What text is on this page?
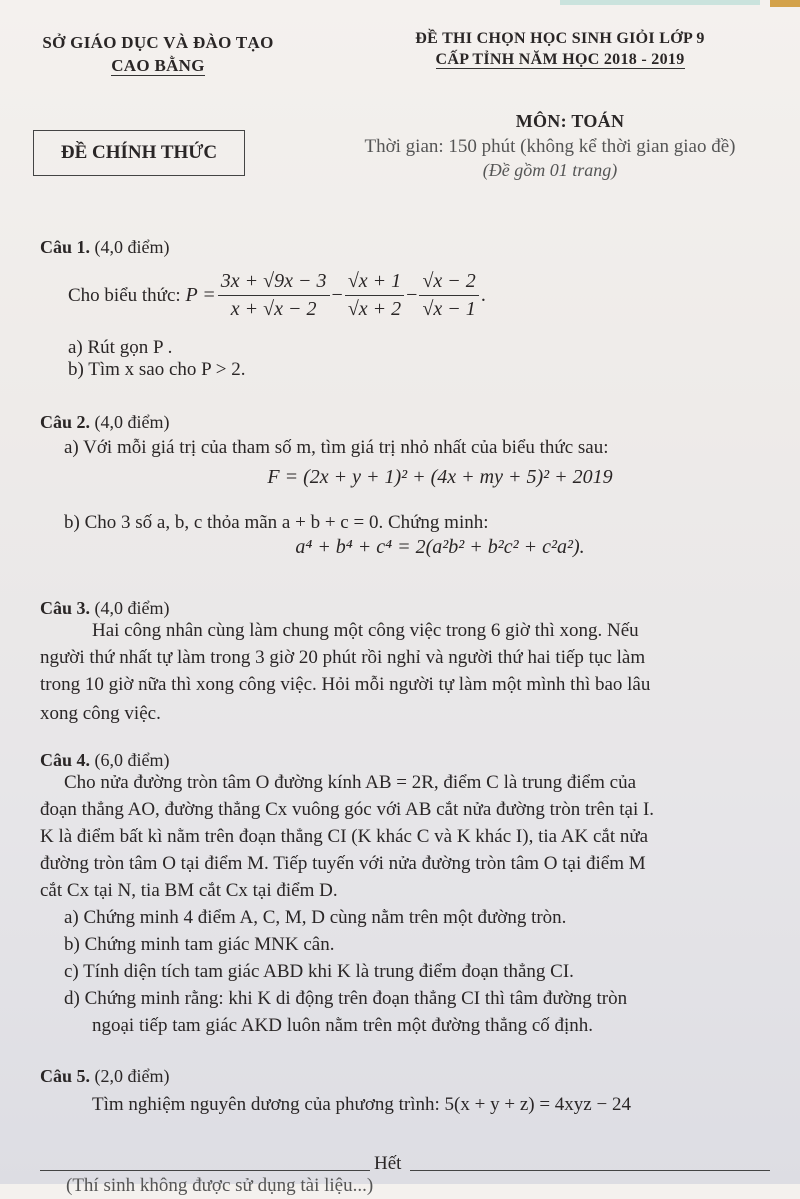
SỞ GIÁO DỤC VÀ ĐÀO TẠO
CAO BẰNG
ĐỀ THI CHỌN HỌC SINH GIỎI LỚP 9
CẤP TỈNH NĂM HỌC 2018 - 2019
ĐỀ CHÍNH THỨC
MÔN: TOÁN
Thời gian: 150 phút (không kể thời gian giao đề)
(Đề gồm 01 trang)
Câu 1. (4,0 điểm)
Cho biểu thức:
$P = \frac{3x + √9x - 3}{x + √x - 2} - \frac{√x + 1}{√x + 2} - \frac{√x - 2}{√x - 1}$ .
a) Rút gọn P .
b) Tìm x sao cho P > 2.
Câu 2. (4,0 điểm)
a) Với mỗi giá trị của tham số m, tìm giá trị nhỏ nhất của biểu thức sau:
F = (2x + y + 1)² + (4x + my + 5)² + 2019
b) Cho 3 số a, b, c thỏa mãn a + b + c = 0. Chứng minh:
a⁴ + b⁴ + c⁴ = 2(a²b² + b²c² + c²a²).
Câu 3. (4,0 điểm)
Hai công nhân cùng làm chung một công việc trong 6 giờ thì xong. Nếu
người thứ nhất tự làm trong 3 giờ 20 phút rồi nghỉ và người thứ hai tiếp tục làm
trong 10 giờ nữa thì xong công việc. Hỏi mỗi người tự làm một mình thì bao lâu
xong công việc.
Câu 4. (6,0 điểm)
Cho nửa đường tròn tâm O đường kính AB = 2R, điểm C là trung điểm của
đoạn thẳng AO, đường thẳng Cx vuông góc với AB cắt nửa đường tròn trên tại I.
K là điểm bất kì nằm trên đoạn thẳng CI (K khác C và K khác I), tia AK cắt nửa
đường tròn tâm O tại điểm M. Tiếp tuyến với nửa đường tròn tâm O tại điểm M
cắt Cx tại N, tia BM cắt Cx tại điểm D.
a) Chứng minh 4 điểm A, C, M, D cùng nằm trên một đường tròn.
b) Chứng minh tam giác MNK cân.
c) Tính diện tích tam giác ABD khi K là trung điểm đoạn thẳng CI.
d) Chứng minh rằng: khi K di động trên đoạn thẳng CI thì tâm đường tròn
ngoại tiếp tam giác AKD luôn nằm trên một đường thẳng cố định.
Câu 5. (2,0 điểm)
Tìm nghiệm nguyên dương của phương trình: 5(x + y + z) = 4xyz − 24
Hết
(Thí sinh không được sử dụng tài liệu...)
